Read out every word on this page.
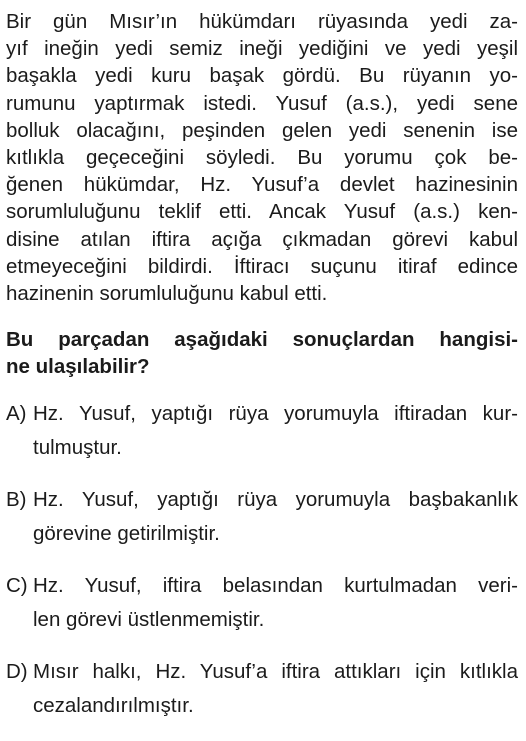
Bir gün Mısır’ın hükümdarı rüyasında yedi za-
yıf ineğin yedi semiz ineği yediğini ve yedi yeşil
başakla yedi kuru başak gördü. Bu rüyanın yo-
rumunu yaptırmak istedi. Yusuf (a.s.), yedi sene
bolluk olacağını, peşinden gelen yedi senenin ise
kıtlıkla geçeceğini söyledi. Bu yorumu çok be-
ğenen hükümdar, Hz. Yusuf’a devlet hazinesinin
sorumluluğunu teklif etti. Ancak Yusuf (a.s.) ken-
disine atılan iftira açığa çıkmadan görevi kabul
etmeyeceğini bildirdi. İftiracı suçunu itiraf edince
hazinenin sorumluluğunu kabul etti.
Bu parçadan aşağıdaki sonuçlardan hangisi-
ne ulaşılabilir?
A) Hz. Yusuf, yaptığı rüya yorumuyla iftiradan kur-
tulmuştur.
B) Hz. Yusuf, yaptığı rüya yorumuyla başbakanlık
görevine getirilmiştir.
C) Hz. Yusuf, iftira belasından kurtulmadan veri-
len görevi üstlenmemiştir.
D) Mısır halkı, Hz. Yusuf’a iftira attıkları için kıtlıkla
cezalandırılmıştır.
